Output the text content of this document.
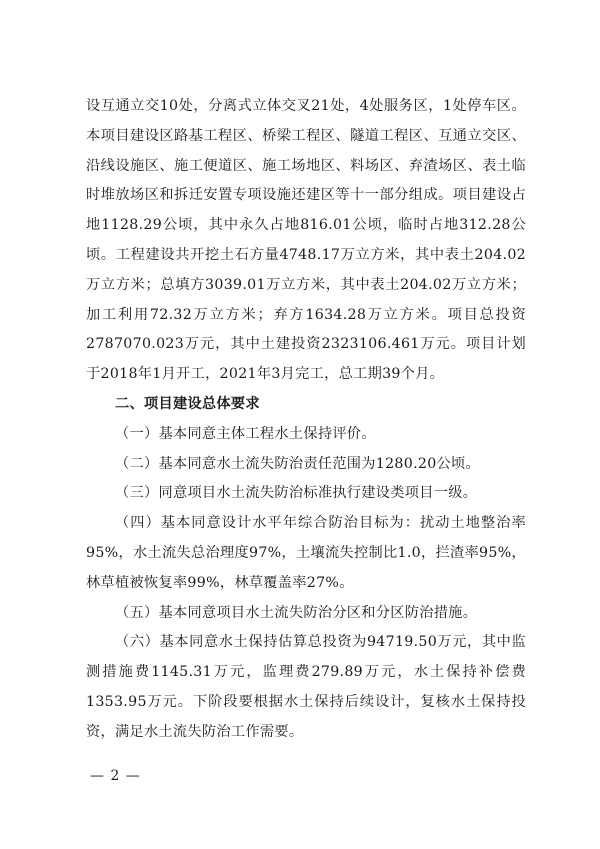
设互通立交10处，分离式立体交叉21处，4处服务区，1处停车区。本项目建设区路基工程区、桥梁工程区、隧道工程区、互通立交区、沿线设施区、施工便道区、施工场地区、料场区、弃渣场区、表土临时堆放场区和拆迁安置专项设施还建区等十一部分组成。项目建设占地1128.29公顷，其中永久占地816.01公顷，临时占地312.28公顷。工程建设共开挖土石方量4748.17万立方米，其中表土204.02万立方米；总填方3039.01万立方米，其中表土204.02万立方米；加工利用72.32万立方米；弃方1634.28万立方米。项目总投资2787070.023万元，其中土建投资2323106.461万元。项目计划于2018年1月开工，2021年3月完工，总工期39个月。

二、项目建设总体要求

（一）基本同意主体工程水土保持评价。

（二）基本同意水土流失防治责任范围为1280.20公顷。

（三）同意项目水土流失防治标准执行建设类项目一级。

（四）基本同意设计水平年综合防治目标为：扰动土地整治率95%，水土流失总治理度97%，土壤流失控制比1.0，拦渣率95%，林草植被恢复率99%，林草覆盖率27%。

（五）基本同意项目水土流失防治分区和分区防治措施。

（六）基本同意水土保持估算总投资为94719.50万元，其中监测措施费1145.31万元，监理费279.89万元，水土保持补偿费1353.95万元。下阶段要根据水土保持后续设计，复核水土保持投资，满足水土流失防治工作需要。

— 2 —
